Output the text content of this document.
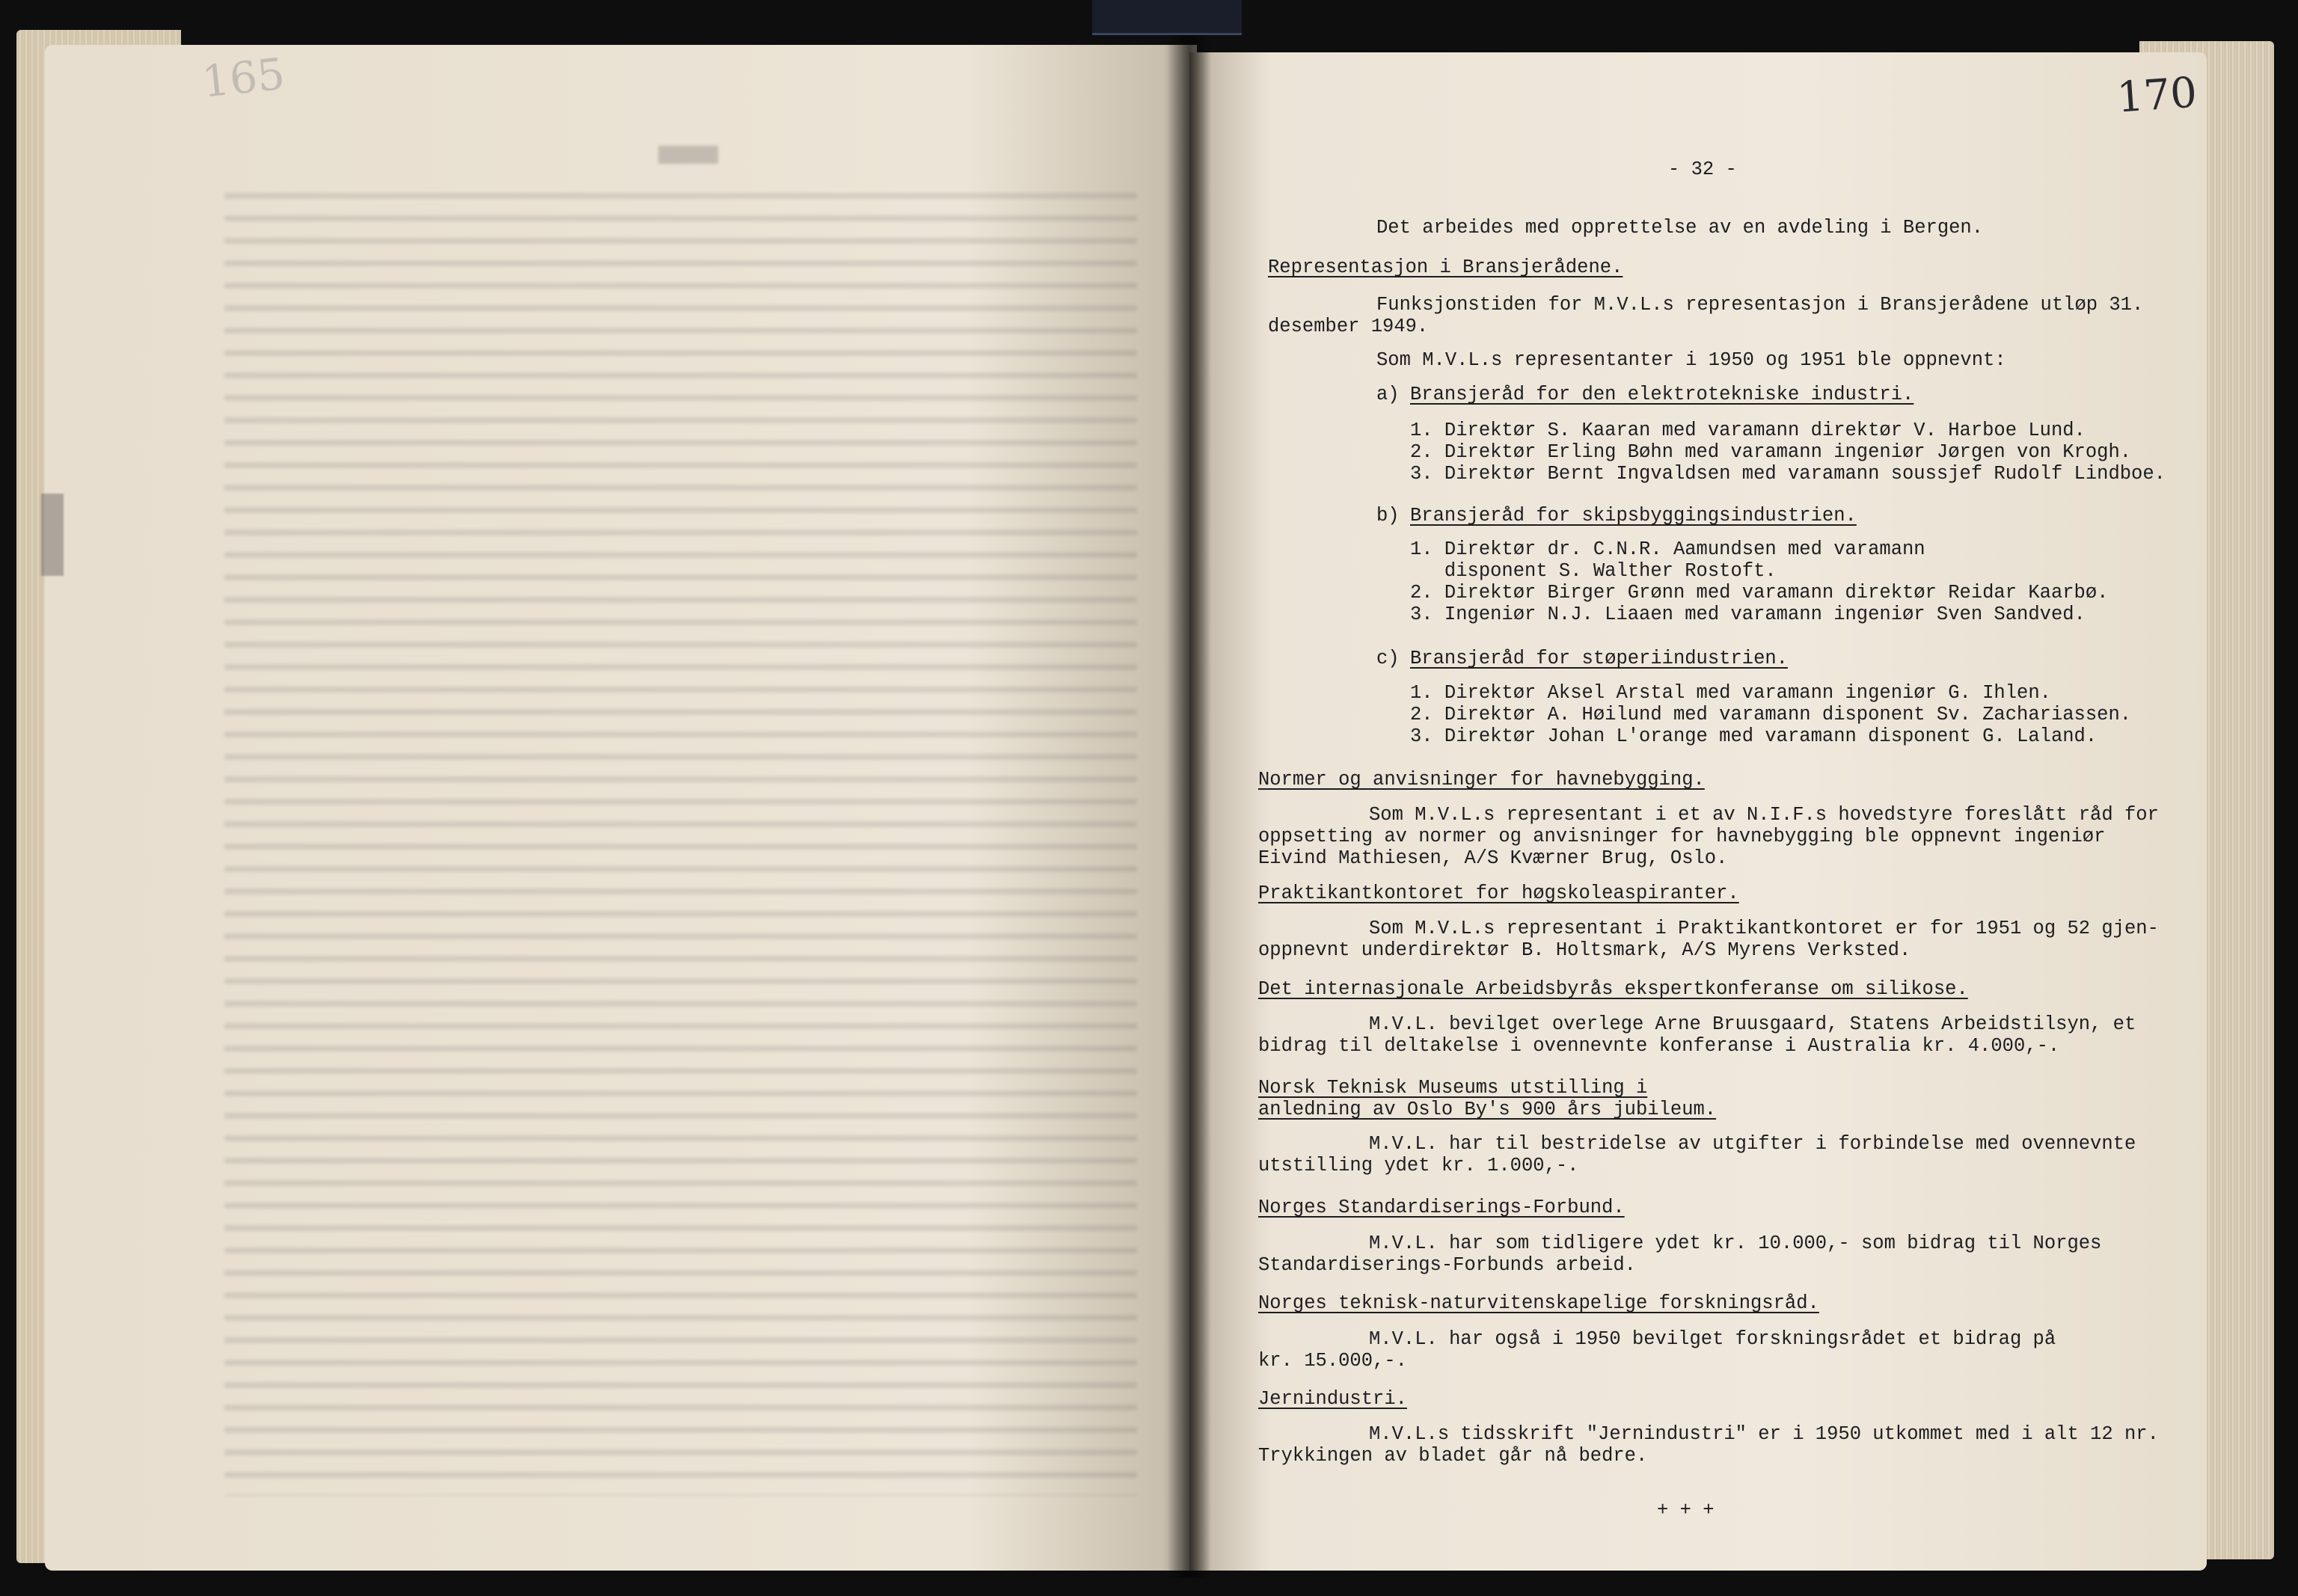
165	170

- 32 -

Det arbeides med opprettelse av en avdeling i Bergen.

Representasjon i Bransjerådene.

Funksjonstiden for M.V.L.s representasjon i Bransjerådene utløp 31.

desember 1949.

Som M.V.L.s representanter i 1950 og 1951 ble oppnevnt:

a)

Bransjeråd for den elektrotekniske industri.

1. Direktør S. Kaaran med varamann direktør V. Harboe Lund.

2. Direktør Erling Bøhn med varamann ingeniør Jørgen von Krogh.

3. Direktør Bernt Ingvaldsen med varamann soussjef Rudolf Lindboe.

b)

Bransjeråd for skipsbyggingsindustrien.

1. Direktør dr. C.N.R. Aamundsen med varamann

disponent S. Walther Rostoft.

2. Direktør Birger Grønn med varamann direktør Reidar Kaarbø.

3. Ingeniør N.J. Liaaen med varamann ingeniør Sven Sandved.

c)

Bransjeråd for støperiindustrien.

1. Direktør Aksel Arstal med varamann ingeniør G. Ihlen.

2. Direktør A. Høilund med varamann disponent Sv. Zachariassen.

3. Direktør Johan L'orange med varamann disponent G. Laland.

Normer og anvisninger for havnebygging.

Som M.V.L.s representant i et av N.I.F.s hovedstyre foreslått råd for

oppsetting av normer og anvisninger for havnebygging ble oppnevnt ingeniør

Eivind Mathiesen, A/S Kværner Brug, Oslo.

Praktikantkontoret for høgskoleaspiranter.

Som M.V.L.s representant i Praktikantkontoret er for 1951 og 52 gjen-

oppnevnt underdirektør B. Holtsmark, A/S Myrens Verksted.

Det internasjonale Arbeidsbyrås ekspertkonferanse om silikose.

M.V.L. bevilget overlege Arne Bruusgaard, Statens Arbeidstilsyn, et

bidrag til deltakelse i ovennevnte konferanse i Australia kr. 4.000,-.

Norsk Teknisk Museums utstilling i

anledning av Oslo By's 900 års jubileum.

M.V.L. har til bestridelse av utgifter i forbindelse med ovennevnte

utstilling ydet kr. 1.000,-.

Norges Standardiserings-Forbund.

M.V.L. har som tidligere ydet kr. 10.000,- som bidrag til Norges

Standardiserings-Forbunds arbeid.

Norges teknisk-naturvitenskapelige forskningsråd.

M.V.L. har også i 1950 bevilget forskningsrådet et bidrag på

kr. 15.000,-.

Jernindustri.

M.V.L.s tidsskrift "Jernindustri" er i 1950 utkommet med i alt 12 nr.

Trykkingen av bladet går nå bedre.

+ + +
